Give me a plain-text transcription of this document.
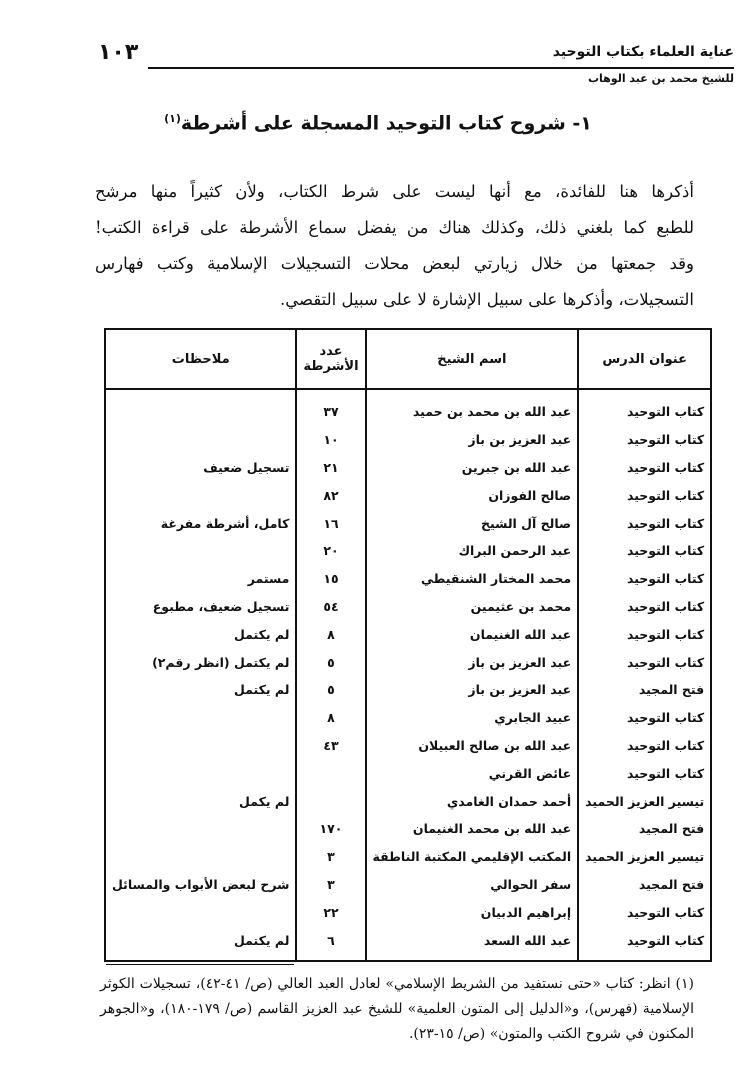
عناية العلماء بكتاب التوحيد
١٠٣
للشيخ محمد بن عبد الوهاب
١- شروح كتاب التوحيد المسجلة على أشرطة$^{(١)}$
أذكرها هنا للفائدة، مع أنها ليست على شرط الكتاب، ولأن كثيراً منها مرشح
للطبع كما بلغني ذلك، وكذلك هناك من يفضل سماع الأشرطة على قراءة الكتب!
وقد جمعتها من خلال زيارتي لبعض محلات التسجيلات الإسلامية وكتب فهارس
التسجيلات، وأذكرها على سبيل الإشارة لا على سبيل التقصي.
عنوان الدرس	اسم الشيخ	عدد الأشرطة	ملاحظات
كتاب التوحيد	عبد الله بن محمد بن حميد	٣٧	
كتاب التوحيد	عبد العزيز بن باز	١٠	
كتاب التوحيد	عبد الله بن جبرين	٢١	تسجيل ضعيف
كتاب التوحيد	صالح الفوزان	٨٢	
كتاب التوحيد	صالح آل الشيخ	١٦	كامل، أشرطة مفرغة
كتاب التوحيد	عبد الرحمن البراك	٢٠	
كتاب التوحيد	محمد المختار الشنقيطي	١٥	مستمر
كتاب التوحيد	محمد بن عثيمين	٥٤	تسجيل ضعيف، مطبوع
كتاب التوحيد	عبد الله الغنيمان	٨	لم يكتمل
كتاب التوحيد	عبد العزيز بن باز	٥	لم يكتمل (انظر رقم٢)
فتح المجيد	عبد العزيز بن باز	٥	لم يكتمل
كتاب التوحيد	عبيد الجابري	٨	
كتاب التوحيد	عبد الله بن صالح العبيلان	٤٣	
كتاب التوحيد	عائض القرني		
تيسير العزيز الحميد	أحمد حمدان الغامدي		لم يكمل
فتح المجيد	عبد الله بن محمد الغنيمان	١٧٠	
تيسير العزيز الحميد	المكتب الإقليمي المكتبة الناطقة	٣	
فتح المجيد	سفر الحوالي	٣	شرح لبعض الأبواب والمسائل
كتاب التوحيد	إبراهيم الدبيان	٢٢	
كتاب التوحيد	عبد الله السعد	٦	لم يكتمل
(١) انظر: كتاب «حتى نستفيد من الشريط الإسلامي» لعادل العبد العالي (ص/ ٤١-٤٢)، تسجيلات الكوثر الإسلامية (فهرس)، و«الدليل إلى المتون العلمية» للشيخ عبد العزيز القاسم (ص/ ١٧٩-١٨٠)، و«الجوهر المكنون في شروح الكتب والمتون» (ص/ ١٥-٢٣).
